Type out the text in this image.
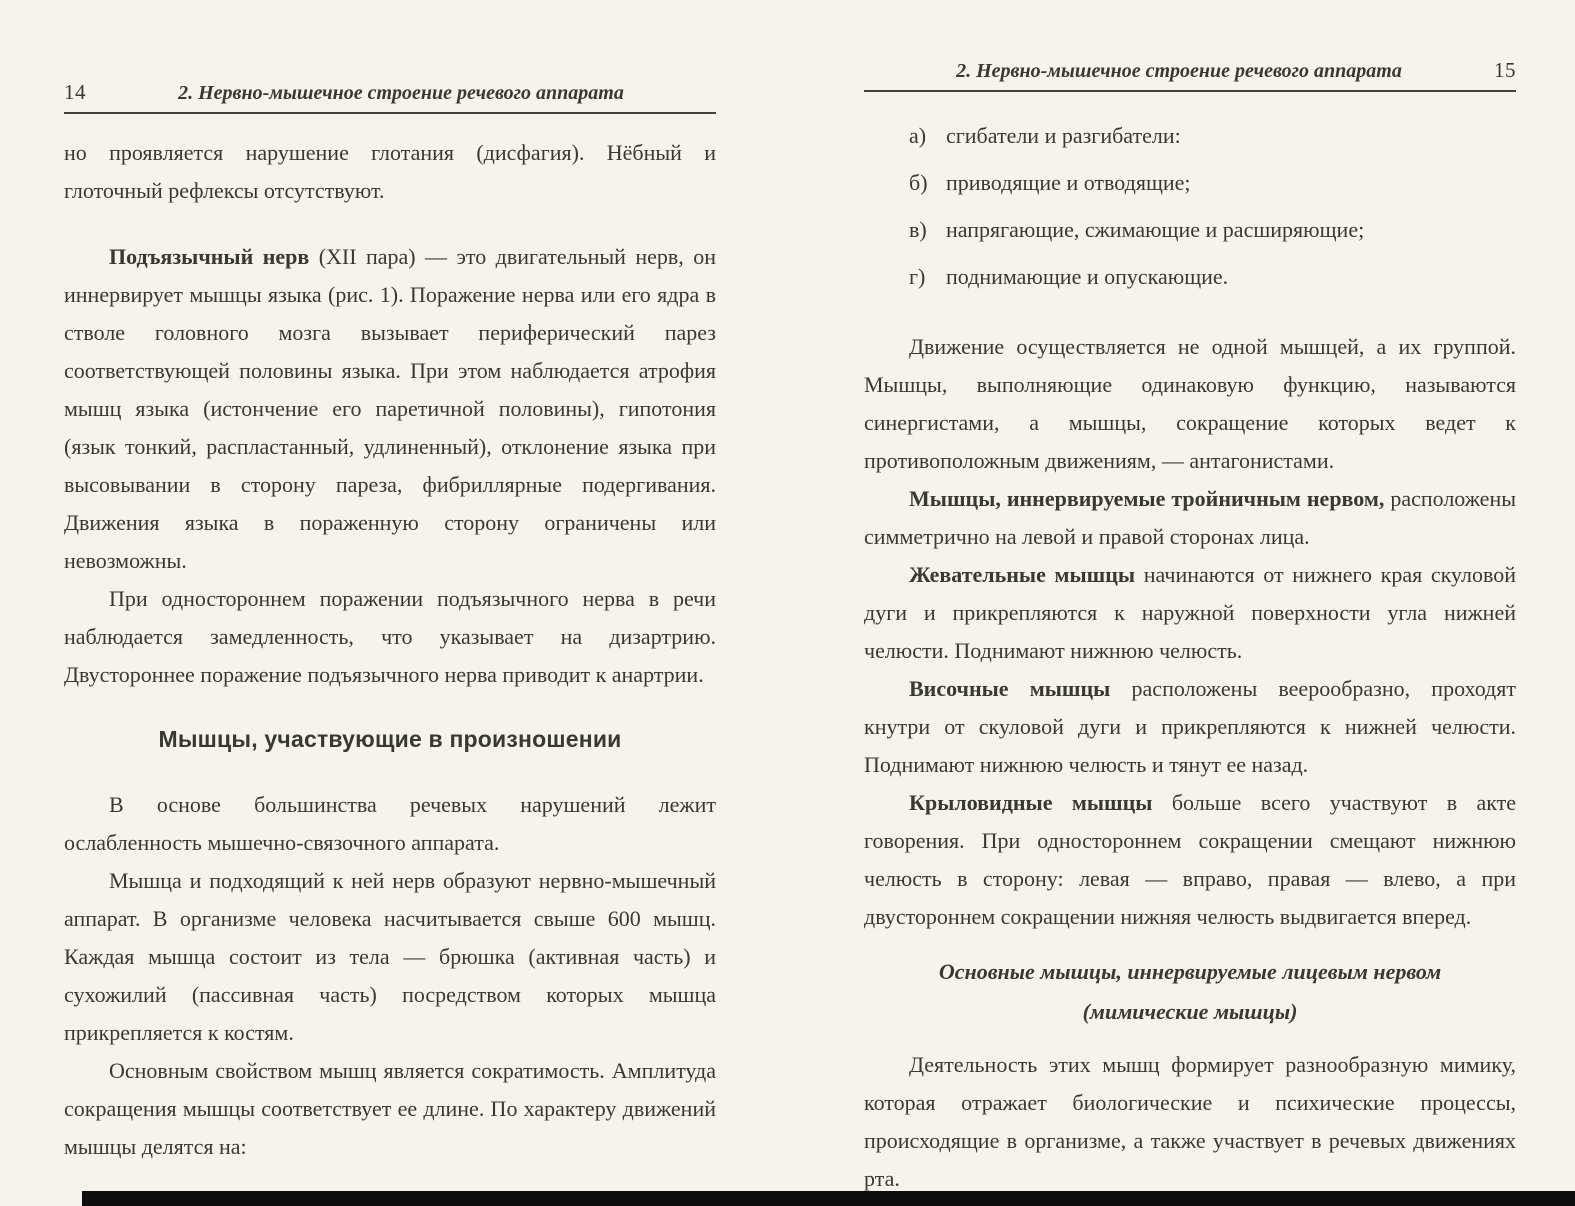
14	2. Нервно-мышечное строение речевого аппарата

но проявляется нарушение глотания (дисфагия). Нёбный и глоточный рефлексы отсутствуют.

Подъязычный нерв (XII пара) — это двигательный нерв, он иннервирует мышцы языка (рис. 1). Поражение нерва или его ядра в стволе головного мозга вызывает периферический парез соответствующей половины языка. При этом наблюдается атрофия мышц языка (истончение его паретичной половины), гипотония (язык тонкий, распластанный, удлиненный), отклонение языка при высовывании в сторону пареза, фибриллярные подергивания. Движения языка в пораженную сторону ограничены или невозможны.

При одностороннем поражении подъязычного нерва в речи наблюдается замедленность, что указывает на дизартрию. Двустороннее поражение подъязычного нерва приводит к анартрии.

Мышцы, участвующие в произношении

В основе большинства речевых нарушений лежит ослабленность мышечно-связочного аппарата.

Мышца и подходящий к ней нерв образуют нервно-мышечный аппарат. В организме человека насчитывается свыше 600 мышц. Каждая мышца состоит из тела — брюшка (активная часть) и сухожилий (пассивная часть) посредством которых мышца прикрепляется к костям.

Основным свойством мышц является сократимость. Амплитуда сокращения мышцы соответствует ее длине. По характеру движений мышцы делятся на:

2. Нервно-мышечное строение речевого аппарата	15
а) сгибатели и разгибатели:
б) приводящие и отводящие;
в) напрягающие, сжимающие и расширяющие;
г) поднимающие и опускающие.

Движение осуществляется не одной мышцей, а их группой. Мышцы, выполняющие одинаковую функцию, называются синергистами, а мышцы, сокращение которых ведет к противоположным движениям, — антагонистами.

Мышцы, иннервируемые тройничным нервом, расположены симметрично на левой и правой сторонах лица.

Жевательные мышцы начинаются от нижнего края скуловой дуги и прикрепляются к наружной поверхности угла нижней челюсти. Поднимают нижнюю челюсть.

Височные мышцы расположены веерообразно, проходят кнутри от скуловой дуги и прикрепляются к нижней челюсти. Поднимают нижнюю челюсть и тянут ее назад.

Крыловидные мышцы больше всего участвуют в акте говорения. При одностороннем сокращении смещают нижнюю челюсть в сторону: левая — вправо, правая — влево, а при двустороннем сокращении нижняя челюсть выдвигается вперед.

Основные мышцы, иннервируемые лицевым нервом
(мимические мышцы)

Деятельность этих мышц формирует разнообразную мимику, которая отражает биологические и психические процессы, происходящие в организме, а также участвует в речевых движениях рта.
